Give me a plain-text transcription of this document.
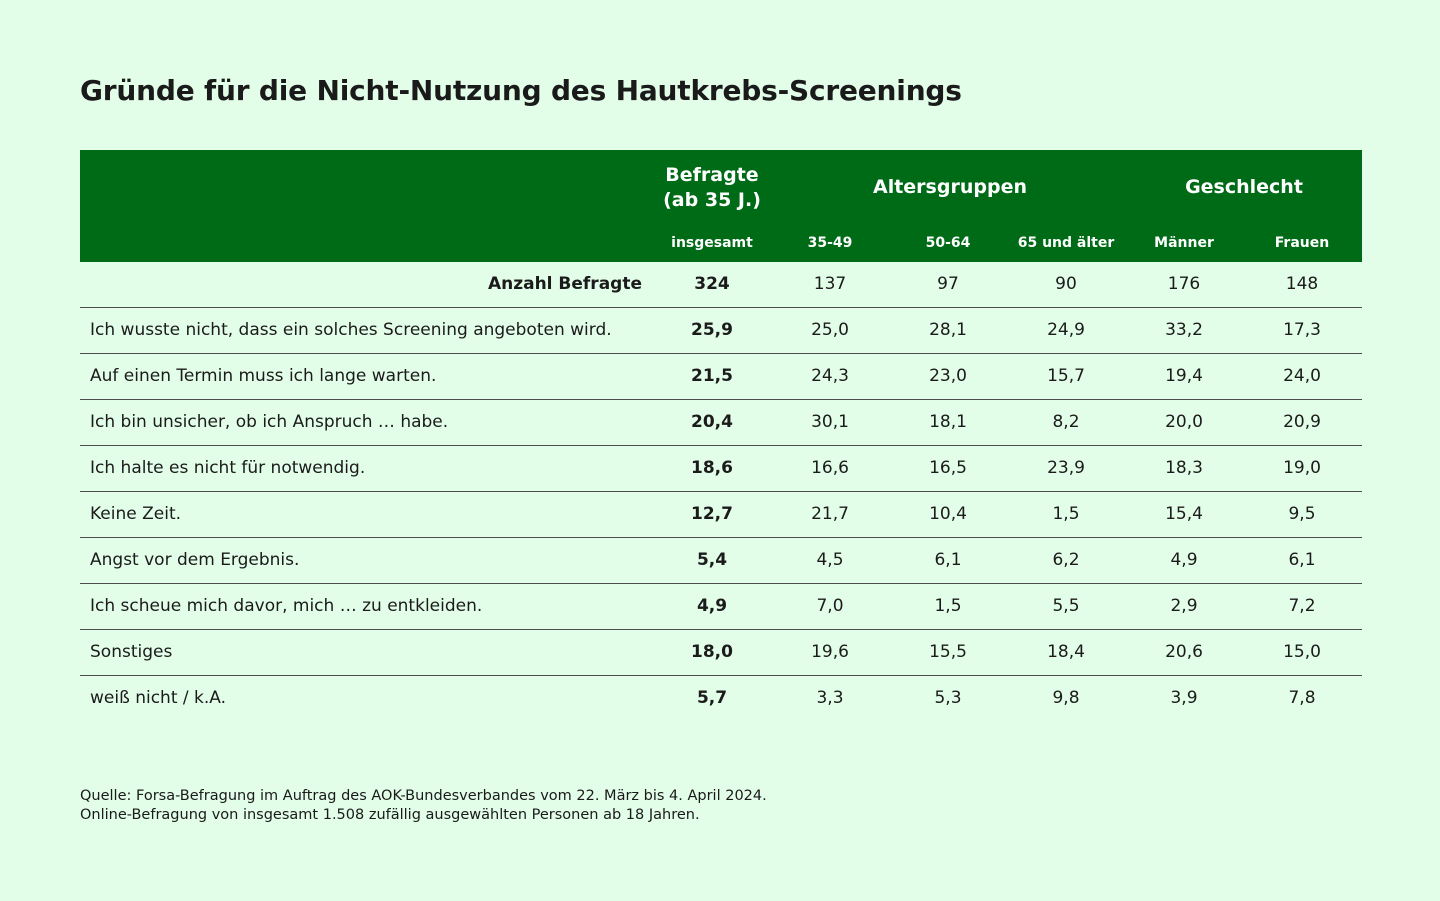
Gründe für die Nicht-Nutzung des Hautkrebs-Screenings
Befragte
(ab 35 J.)
Altersgruppen	Geschlecht
insgesamt	35-49	50-64	65 und älter	Männer	Frauen
Anzahl Befragte	324	137	97	90	176	148
Ich wusste nicht, dass ein solches Screening angeboten wird.	25,9	25,0	28,1	24,9	33,2	17,3
Auf einen Termin muss ich lange warten.	21,5	24,3	23,0	15,7	19,4	24,0
Ich bin unsicher, ob ich Anspruch … habe.	20,4	30,1	18,1	8,2	20,0	20,9
Ich halte es nicht für notwendig.	18,6	16,6	16,5	23,9	18,3	19,0
Keine Zeit.	12,7	21,7	10,4	1,5	15,4	9,5
Angst vor dem Ergebnis.	5,4	4,5	6,1	6,2	4,9	6,1
Ich scheue mich davor, mich … zu entkleiden.	4,9	7,0	1,5	5,5	2,9	7,2
Sonstiges	18,0	19,6	15,5	18,4	20,6	15,0
weiß nicht / k.A.	5,7	3,3	5,3	9,8	3,9	7,8
Quelle: Forsa-Befragung im Auftrag des AOK-Bundesverbandes vom 22. März bis 4. April 2024.
Online-Befragung von insgesamt 1.508 zufällig ausgewählten Personen ab 18 Jahren.
